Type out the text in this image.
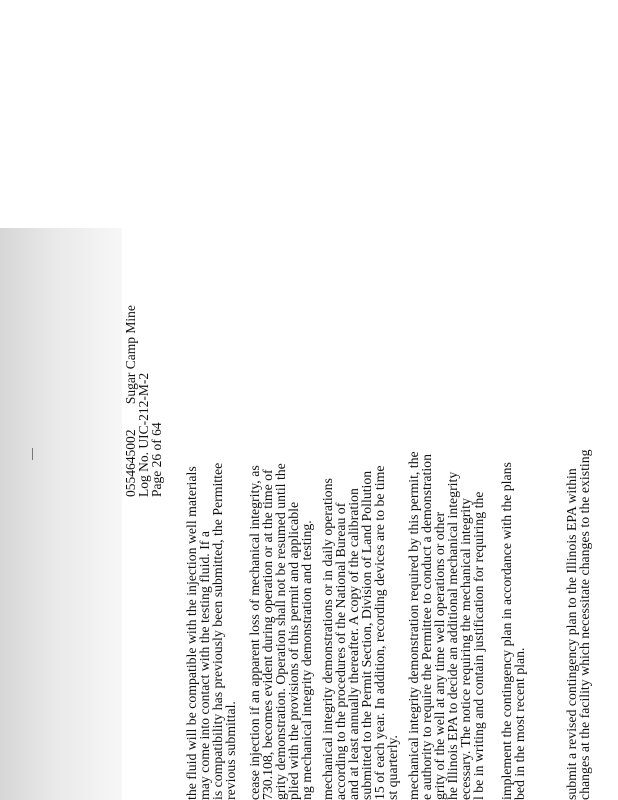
0554645002 Sugar Camp Mine
Log No. UIC-212-M-2
Page 26 of 64
the fluid will be compatible with the injection well materials
may come into contact with the testing fluid. If a
is compatibility has previously been submitted, the Permittee
revious submittal. cease injection if an apparent loss of mechanical integrity, as
730.108, becomes evident during operation or at the time of
grity demonstration. Operation shall not be resumed until the
plied with the provisions of this permit and applicable
ng mechanical integrity demonstration and testing. mechanical integrity demonstrations or in daily operations
according to the procedures of the National Bureau of
and at least annually thereafter. A copy of the calibration
submitted to the Permit Section, Division of Land Pollution
15 of each year. In addition, recording devices are to be time
st quarterly. mechanical integrity demonstration required by this permit, the
e authority to require the Permittee to conduct a demonstration
grity of the well at any time well operations or other
he Illinois EPA to decide an additional mechanical integrity
ecessary. The notice requiring the mechanical integrity
l be in writing and contain justification for requiring the implement the contingency plan in accordance with the plans
bed in the most recent plan.	submit a revised contingency plan to the Illinois EPA within
changes at the facility which necessitate changes to the existing
